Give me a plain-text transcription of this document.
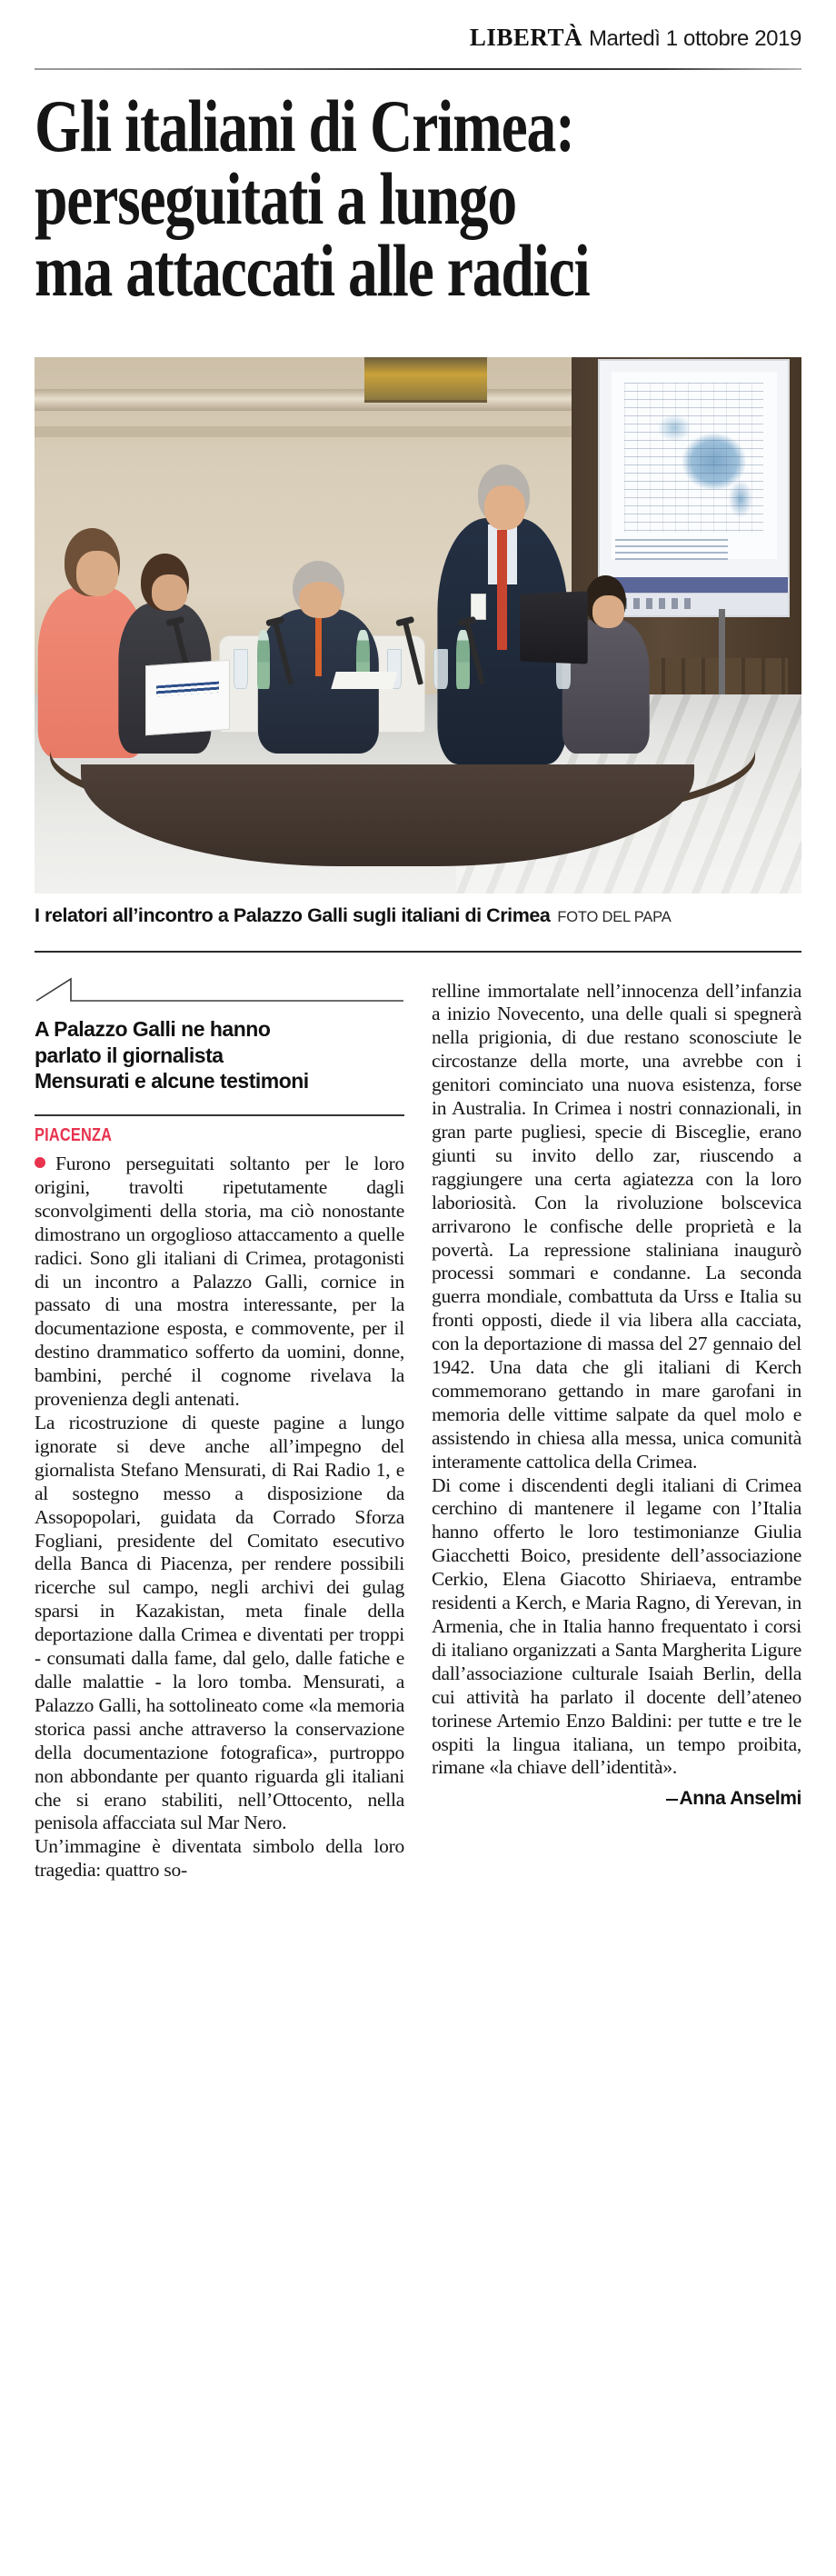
LIBERTÀ Martedì 1 ottobre 2019
Gli italiani di Crimea:
perseguitati a lungo
ma attaccati alle radici
I relatori all’incontro a Palazzo Galli sugli italiani di Crimea FOTO DEL PAPA
A Palazzo Galli ne hanno
parlato il giornalista
Mensurati e alcune testimoni
PIACENZA

Furono perseguitati soltanto per le loro origini, travolti ripetutamente dagli sconvolgimenti della storia, ma ciò nonostante dimostrano un orgoglioso attaccamento a quelle radici. Sono gli italiani di Crimea, protagonisti di un incontro a Palazzo Galli, cornice in passato di una mostra interessante, per la documentazione esposta, e commovente, per il destino drammatico sofferto da uomini, donne, bambini, perché il cognome rivelava la provenienza degli antenati.

La ricostruzione di queste pagine a lungo ignorate si deve anche all’impegno del giornalista Stefano Mensurati, di Rai Radio 1, e al sostegno messo a disposizione da Assopopolari, guidata da Corrado Sforza Fogliani, presidente del Comitato esecutivo della Banca di Piacenza, per rendere possibili ricerche sul campo, negli archivi dei gulag sparsi in Kazakistan, meta finale della deportazione dalla Crimea e diventati per troppi - consumati dalla fame, dal gelo, dalle fatiche e dalle malattie - la loro tomba. Mensurati, a Palazzo Galli, ha sottolineato come «la memoria storica passi anche attraverso la conservazione della documentazione fotografica», purtroppo non abbondante per quanto riguarda gli italiani che si erano stabiliti, nell’Ottocento, nella penisola affacciata sul Mar Nero.

Un’immagine è diventata simbolo della loro tragedia: quattro so-

relline immortalate nell’innocenza dell’infanzia a inizio Novecento, una delle quali si spegnerà nella prigionia, di due restano sconosciute le circostanze della morte, una avrebbe con i genitori cominciato una nuova esistenza, forse in Australia. In Crimea i nostri connazionali, in gran parte pugliesi, specie di Bisceglie, erano giunti su invito dello zar, riuscendo a raggiungere una certa agiatezza con la loro laboriosità. Con la rivoluzione bolscevica arrivarono le confische delle proprietà e la povertà. La repressione staliniana inaugurò processi sommari e condanne. La seconda guerra mondiale, combattuta da Urss e Italia su fronti opposti, diede il via libera alla cacciata, con la deportazione di massa del 27 gennaio del 1942. Una data che gli italiani di Kerch commemorano gettando in mare garofani in memoria delle vittime salpate da quel molo e assistendo in chiesa alla messa, unica comunità interamente cattolica della Crimea.

Di come i discendenti degli italiani di Crimea cerchino di mantenere il legame con l’Italia hanno offerto le loro testimonianze Giulia Giacchetti Boico, presidente dell’associazione Cerkio, Elena Giacotto Shiriaeva, entrambe residenti a Kerch, e Maria Ragno, di Yerevan, in Armenia, che in Italia hanno frequentato i corsi di italiano organizzati a Santa Margherita Ligure dall’associazione culturale Isaiah Berlin, della cui attività ha parlato il docente dell’ateneo torinese Artemio Enzo Baldini: per tutte e tre le ospiti la lingua italiana, un tempo proibita, rimane «la chiave dell’identità».

Anna Anselmi
